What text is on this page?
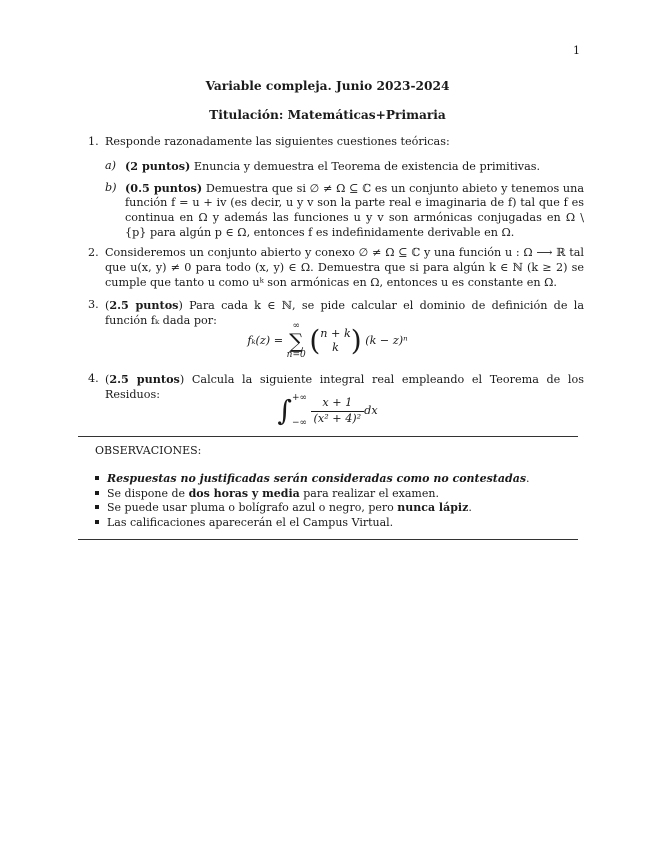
1
Variable compleja. Junio 2023-2024
Titulación: Matemáticas+Primaria
1. Responde razonadamente las siguientes cuestiones teóricas:
a) (2 puntos) Enuncia y demuestra el Teorema de existencia de primitivas.
b) (0.5 puntos) Demuestra que si ∅ ≠ Ω ⊆ ℂ es un conjunto abieto y tenemos una función f = u + iv (es decir, u y v son la parte real e imaginaria de f) tal que f es continua en Ω y además las funciones u y v son armónicas conjugadas en Ω \ {p} para algún p ∈ Ω, entonces f es indefinidamente derivable en Ω.
2. Consideremos un conjunto abierto y conexo ∅ ≠ Ω ⊆ ℂ y una función u : Ω ⟶ ℝ tal que u(x, y) ≠ 0 para todo (x, y) ∈ Ω. Demuestra que si para algún k ∈ ℕ (k ≥ 2) se cumple que tanto u como uᵏ son armónicas en Ω, entonces u es constante en Ω.
3. (2.5 puntos) Para cada k ∈ ℕ, se pide calcular el dominio de definición de la función fₖ dada por:
fₖ(z) =
∞
∑
n=0 ( n + k
k ) (k − z)ⁿ
4. (2.5 puntos) Calcula la siguiente integral real empleando el Teorema de los Residuos:	∫ +∞
−∞
$\frac{x + 1}{\text{(x² + 4)²}}$ dx
OBSERVACIONES:
Respuestas no justificadas serán consideradas como no contestadas.
Se dispone de dos horas y media para realizar el examen.
Se puede usar pluma o bolígrafo azul o negro, pero nunca lápiz.
Las calificaciones aparecerán el el Campus Virtual.
